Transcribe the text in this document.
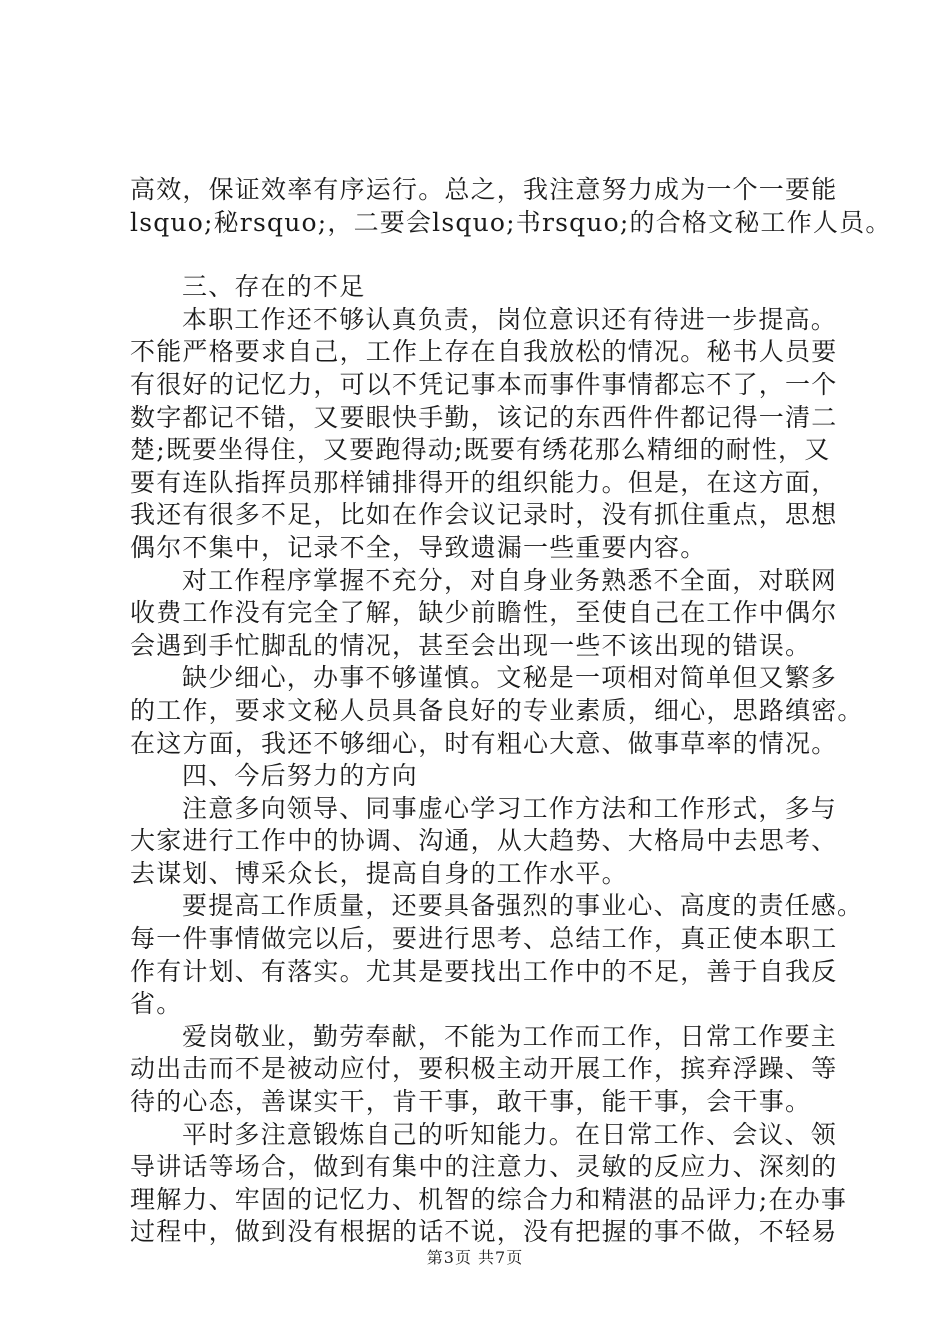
高效，保证效率有序运行。总之，我注意努力成为一个一要能
lsquo;秘rsquo;，二要会lsquo;书rsquo;的合格文秘工作人员。
三、存在的不足
本职工作还不够认真负责，岗位意识还有待进一步提高。
不能严格要求自己，工作上存在自我放松的情况。秘书人员要
有很好的记忆力，可以不凭记事本而事件事情都忘不了，一个
数字都记不错，又要眼快手勤，该记的东西件件都记得一清二
楚;既要坐得住，又要跑得动;既要有绣花那么精细的耐性，又
要有连队指挥员那样铺排得开的组织能力。但是，在这方面，
我还有很多不足，比如在作会议记录时，没有抓住重点，思想
偶尔不集中，记录不全，导致遗漏一些重要内容。
对工作程序掌握不充分，对自身业务熟悉不全面，对联网
收费工作没有完全了解，缺少前瞻性，至使自己在工作中偶尔
会遇到手忙脚乱的情况，甚至会出现一些不该出现的错误。
缺少细心，办事不够谨慎。文秘是一项相对简单但又繁多
的工作，要求文秘人员具备良好的专业素质，细心，思路缜密。
在这方面，我还不够细心，时有粗心大意、做事草率的情况。
四、今后努力的方向
注意多向领导、同事虚心学习工作方法和工作形式，多与
大家进行工作中的协调、沟通，从大趋势、大格局中去思考、
去谋划、博采众长，提高自身的工作水平。
要提高工作质量，还要具备强烈的事业心、高度的责任感。
每一件事情做完以后，要进行思考、总结工作，真正使本职工
作有计划、有落实。尤其是要找出工作中的不足，善于自我反
省。
爱岗敬业，勤劳奉献，不能为工作而工作，日常工作要主
动出击而不是被动应付，要积极主动开展工作，摈弃浮躁、等
待的心态，善谋实干，肯干事，敢干事，能干事，会干事。
平时多注意锻炼自己的听知能力。在日常工作、会议、领
导讲话等场合，做到有集中的注意力、灵敏的反应力、深刻的
理解力、牢固的记忆力、机智的综合力和精湛的品评力;在办事
过程中，做到没有根据的话不说，没有把握的事不做，不轻易
第3页 共7页
